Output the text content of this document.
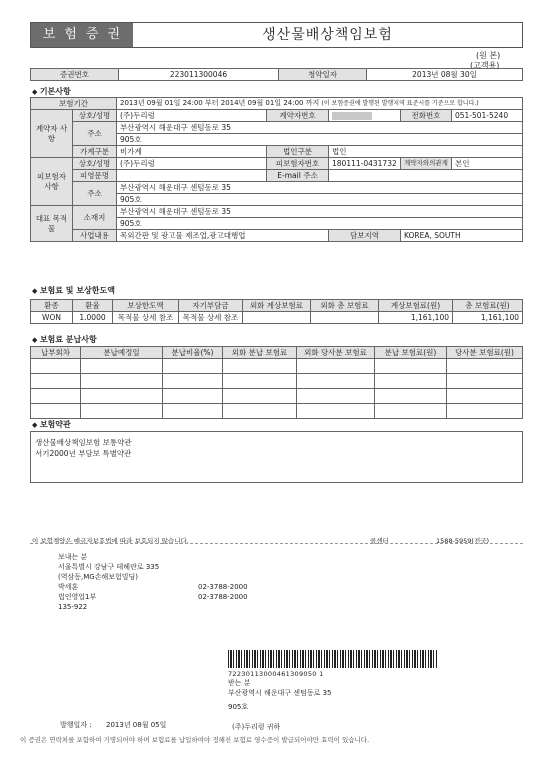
보험증권	생산물배상책임보험
(원 본)
(고객용)
증권번호	223011300046	청약일자	2013년 08월 30일
◆ 기본사항
보험기간		2013년 09월 01일 24:00 부터 2014년 09월 01일 24:00 까지 (이 보험증권에 발행된 발행지역 표준시를 기준으로 합니다.)				
계약자 사항	상호/성명	(주)두리렁	계약자번호		전화번호	051-501-5240
	주소	부산광역시 해운대구 센텀동로 35				
		905호				
	가계구분	비가계	법인구분	법인		
피보험자 사항	상호/성명	(주)두리렁	피보험자번호	180111-0431732	계약자와의관계	본인
	피영문명		E-mail 주소			
	주소	부산광역시 해운대구 센텀동로 35				
		905호				
대표 목적물	소재지	부산광역시 해운대구 센텀동로 35				
		905호				
	사업내용	목외간판 및 광고물 제조업,광고대행업		담보지역	KOREA, SOUTH	
◆ 보험료 및 보상한도액
환종	환율	보상한도액	자기부담금	외화 계상보험료	외화 총 보험료	계상보험료(원)	총 보험료(원)
WON	1.0000	목적물 상세 참조	목적물 상세 참조			1,161,100	1,161,100
◆ 보험료 분납사항
납부회차	분납예정일	분납비율(%)	외화 분납 보험료	외화 당사분 보험료	분납 보험료(원)	당사분 보험료(원)

◆ 보험약관
생산물배상책임보험 보통약관
서기2000년 부담보 특별약관
이 보험계약은 예금자보호법에 따라 보호되지 않습니다.	콜센터	1588-5959(전국)
보내는 분
서울특별시 강남구 테헤란로 335
(역삼동,MG손해보험빌딩)
박세훈
법인영업1부
135-922
02-3788-2000
02-3788-2000
72230113000461309050 1
받는 분
부산광역시 해운대구 센텀동로 35
905호
발행일자 : 2013년 08월 05일	(주)두리렁 귀하
이 증권은 연락처를 포함하여 기명되어야 하며 보험료를 납입하여야 정해진 보험료 영수증이 발급되어야만 효력이 있습니다.
